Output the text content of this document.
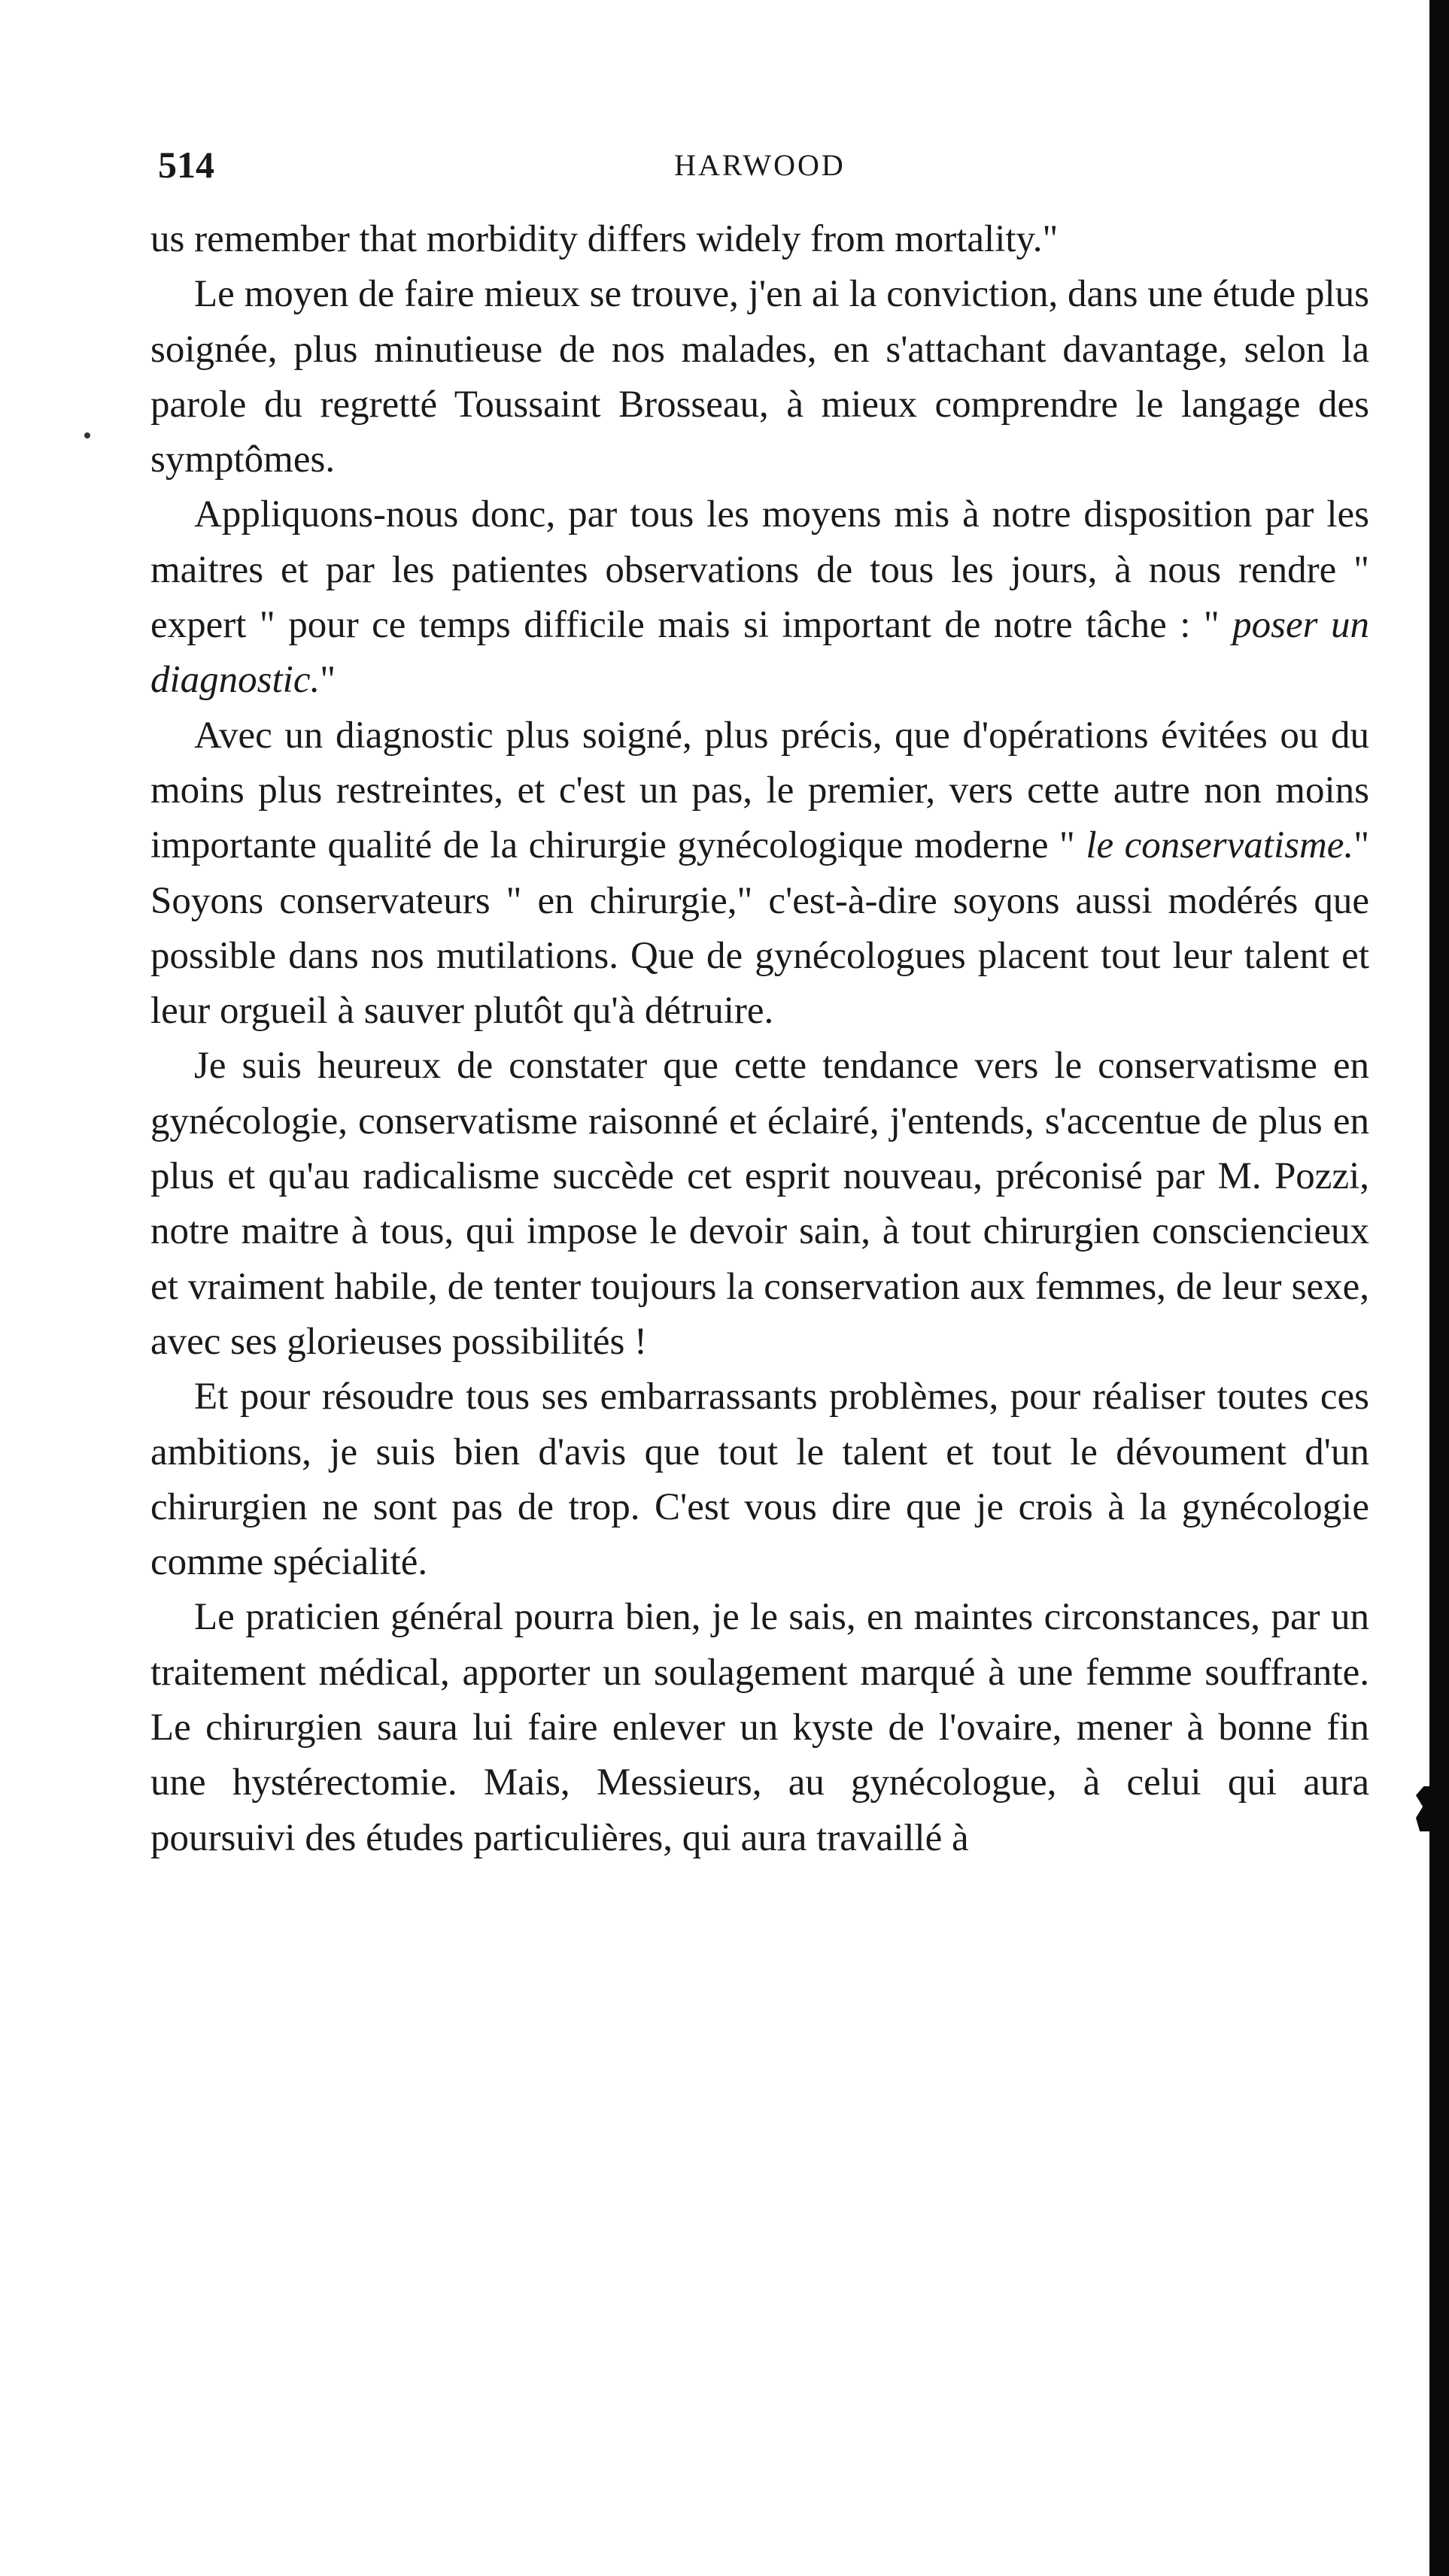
514	HARWOOD

us remember that morbidity differs widely from mortality."

Le moyen de faire mieux se trouve, j'en ai la conviction, dans une étude plus soignée, plus minutieuse de nos malades, en s'attachant davantage, selon la parole du regretté Toussaint Brosseau, à mieux comprendre le langage des symptômes.

Appliquons-nous donc, par tous les moyens mis à notre disposition par les maitres et par les patientes observations de tous les jours, à nous rendre " expert " pour ce temps difficile mais si important de notre tâche : " poser un diagnostic."

Avec un diagnostic plus soigné, plus précis, que d'opérations évitées ou du moins plus restreintes, et c'est un pas, le premier, vers cette autre non moins importante qualité de la chirurgie gynécologique moderne " le conservatisme." Soyons conservateurs " en chirurgie," c'est-à-dire soyons aussi modérés que possible dans nos mutilations. Que de gynécologues placent tout leur talent et leur orgueil à sauver plutôt qu'à détruire.

Je suis heureux de constater que cette tendance vers le conservatisme en gynécologie, conservatisme raisonné et éclairé, j'entends, s'accentue de plus en plus et qu'au radicalisme succède cet esprit nouveau, préconisé par M. Pozzi, notre maitre à tous, qui impose le devoir sain, à tout chirurgien consciencieux et vraiment habile, de tenter toujours la conservation aux femmes, de leur sexe, avec ses glorieuses possibilités !

Et pour résoudre tous ses embarrassants problèmes, pour réaliser toutes ces ambitions, je suis bien d'avis que tout le talent et tout le dévoument d'un chirurgien ne sont pas de trop. C'est vous dire que je crois à la gynécologie comme spécialité.

Le praticien général pourra bien, je le sais, en maintes circonstances, par un traitement médical, apporter un soulagement marqué à une femme souffrante. Le chirurgien saura lui faire enlever un kyste de l'ovaire, mener à bonne fin une hystérectomie. Mais, Messieurs, au gynécologue, à celui qui aura poursuivi des études particulières, qui aura travaillé à
